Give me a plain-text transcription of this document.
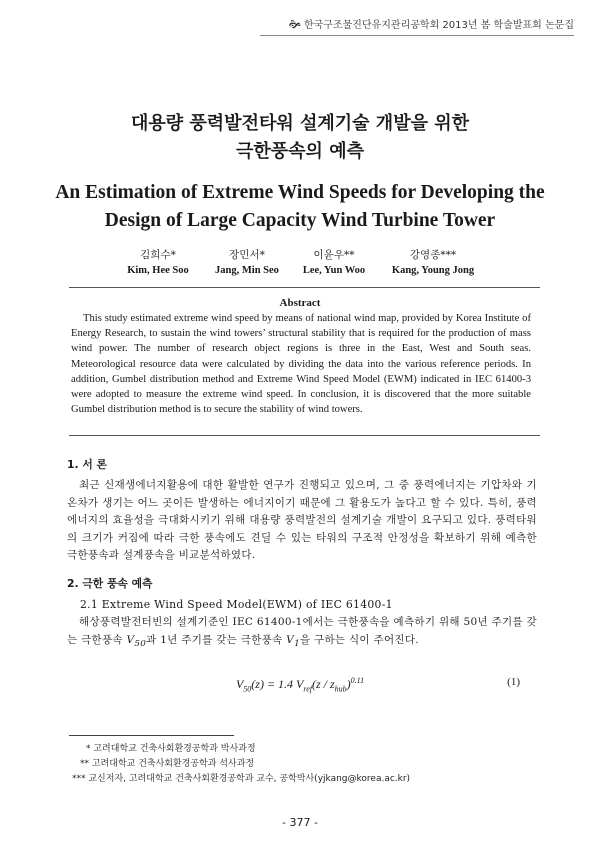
🙞 한국구조물진단유지관리공학회 2013년 봄 학술발표회 논문집
대용량 풍력발전타워 설계기술 개발을 위한
극한풍속의 예측
An Estimation of Extreme Wind Speeds for Developing the
Design of Large Capacity Wind Turbine Tower
김희수*
Kim, Hee Soo
장민서*
Jang, Min Seo
이윤우**
Lee, Yun Woo
강영종***
Kang, Young Jong
Abstract
This study estimated extreme wind speed by means of national wind map, provided by Korea Institute of Energy Research, to sustain the wind towers’ structural stability that is required for the production of mass wind power. The number of research object regions is three in the East, West and South seas. Meteorological resource data were calculated by dividing the data into the various reference periods. In addition, Gumbel distribution method and Extreme Wind Speed Model (EWM) indicated in IEC 61400-3 were adopted to measure the extreme wind speed. In conclusion, it is discovered that the more suitable Gumbel distribution method is to secure the stability of wind towers.
1. 서 론
최근 신재생에너지활용에 대한 활발한 연구가 진행되고 있으며, 그 중 풍력에너지는 기압차와 기온차가 생기는 어느 곳이든 발생하는 에너지이기 때문에 그 활용도가 높다고 할 수 있다. 특히, 풍력에너지의 효율성을 극대화시키기 위해 대용량 풍력발전의 설계기술 개발이 요구되고 있다. 풍력타워의 크기가 커짐에 따라 극한 풍속에도 견딜 수 있는 타워의 구조적 안정성을 확보하기 위해 예측한 극한풍속과 설계풍속을 비교분석하였다.
2. 극한 풍속 예측
2.1 Extreme Wind Speed Model(EWM) of IEC 61400-1
해상풍력발전터빈의 설계기준인 IEC 61400-1에서는 극한풍속을 예측하기 위해 50년 주기를 갖는 극한풍속 $V_{50}$과 1년 주기를 갖는 극한풍속 $V_1$을 구하는 식이 주어진다.
$V_{50}(z) = 1.4$ $V_{ref}(z / z_{hub})^{0.11}$	(1)
* 고려대학교 건축사회환경공학과 박사과정
** 고려대학교 건축사회환경공학과 석사과정
*** 교신저자, 고려대학교 건축사회환경공학과 교수, 공학박사(yjkang@korea.ac.kr)
- 377 -
